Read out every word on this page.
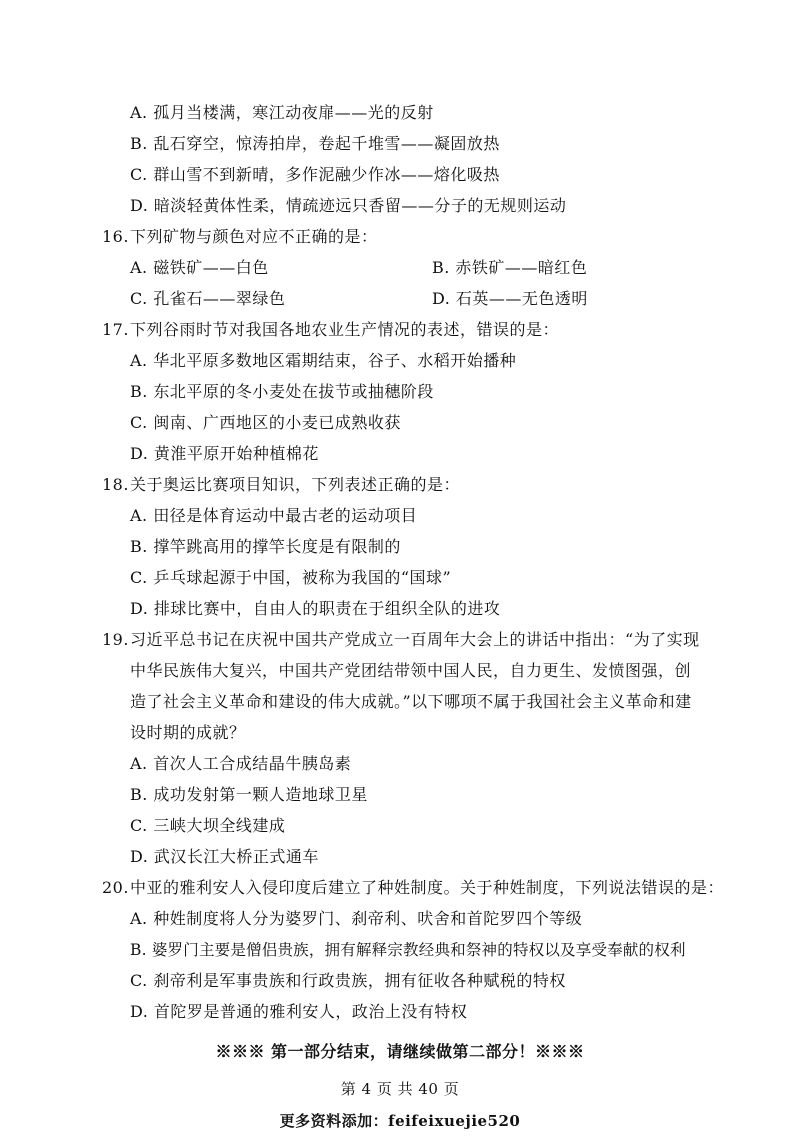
A. 孤月当楼满，寒江动夜扉——光的反射
B. 乱石穿空，惊涛拍岸，卷起千堆雪——凝固放热
C. 群山雪不到新晴，多作泥融少作冰——熔化吸热
D. 暗淡轻黄体性柔，情疏迹远只香留——分子的无规则运动
16. 下列矿物与颜色对应不正确的是：
A. 磁铁矿——白色	B. 赤铁矿——暗红色
C. 孔雀石——翠绿色	D. 石英——无色透明
17. 下列谷雨时节对我国各地农业生产情况的表述，错误的是：
A. 华北平原多数地区霜期结束，谷子、水稻开始播种
B. 东北平原的冬小麦处在拔节或抽穗阶段
C. 闽南、广西地区的小麦已成熟收获
D. 黄淮平原开始种植棉花
18. 关于奥运比赛项目知识，下列表述正确的是：
A. 田径是体育运动中最古老的运动项目
B. 撑竿跳高用的撑竿长度是有限制的
C. 乒乓球起源于中国，被称为我国的“国球”
D. 排球比赛中，自由人的职责在于组织全队的进攻
19. 习近平总书记在庆祝中国共产党成立一百周年大会上的讲话中指出：“为了实现
中华民族伟大复兴，中国共产党团结带领中国人民，自力更生、发愤图强，创
造了社会主义革命和建设的伟大成就。”以下哪项不属于我国社会主义革命和建
设时期的成就？
A. 首次人工合成结晶牛胰岛素
B. 成功发射第一颗人造地球卫星
C. 三峡大坝全线建成
D. 武汉长江大桥正式通车
20. 中亚的雅利安人入侵印度后建立了种姓制度。关于种姓制度，下列说法错误的是：
A. 种姓制度将人分为婆罗门、刹帝利、吠舍和首陀罗四个等级
B. 婆罗门主要是僧侣贵族，拥有解释宗教经典和祭神的特权以及享受奉献的权利
C. 刹帝利是军事贵族和行政贵族，拥有征收各种赋税的特权
D. 首陀罗是普通的雅利安人，政治上没有特权
※※※ 第一部分结束，请继续做第二部分！※※※
第 4 页 共 40 页
更多资料添加：feifeixuejie520
